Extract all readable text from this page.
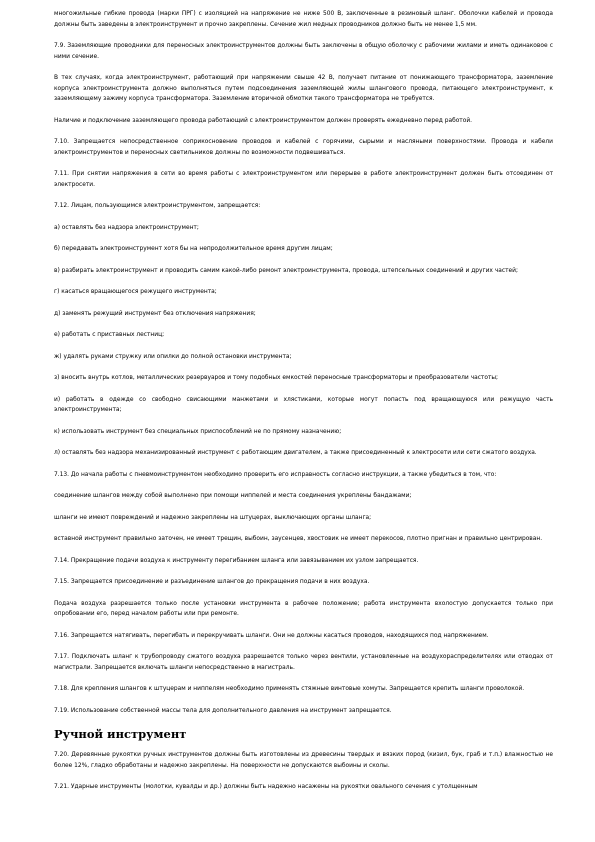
многожильные гибкие провода (марки ПРГ) с изоляцией на напряжение не ниже 500 В, заключенные в резиновый шланг. Оболочки кабелей и провода должны быть заведены в электроинструмент и прочно закреплены. Сечение жил медных проводников должно быть не менее 1,5 мм.

7.9. Заземляющие проводники для переносных электроинструментов должны быть заключены в общую оболочку с рабочими жилами и иметь одинаковое с ними сечение.

В тех случаях, когда электроинструмент, работающий при напряжении свыше 42 В, получает питание от понижающего трансформатора, заземление корпуса электроинструмента должно выполняться путем подсоединения заземляющей жилы шлангового провода, питающего электроинструмент, к заземляющему зажиму корпуса трансформатора. Заземление вторичной обмотки такого трансформатора не требуется.

Наличие и подключение заземляющего провода работающий с электроинструментом должен проверять ежедневно перед работой.

7.10. Запрещается непосредственное соприкосновение проводов и кабелей с горячими, сырыми и масляными поверхностями. Провода и кабели электроинструментов и переносных светильников должны по возможности подвешиваться.

7.11. При снятии напряжения в сети во время работы с электроинструментом или перерыве в работе электроинструмент должен быть отсоединен от электросети.

7.12. Лицам, пользующимся электроинструментом, запрещается:

а) оставлять без надзора электроинструмент;

б) передавать электроинструмент хотя бы на непродолжительное время другим лицам;

в) разбирать электроинструмент и проводить самим какой-либо ремонт электроинструмента, провода, штепсельных соединений и других частей;

г) касаться вращающегося режущего инструмента;

д) заменять режущий инструмент без отключения напряжения;

е) работать с приставных лестниц;

ж) удалять руками стружку или опилки до полной остановки инструмента;

з) вносить внутрь котлов, металлических резервуаров и тому подобных емкостей переносные трансформаторы и преобразователи частоты;

и) работать в одежде со свободно свисающими манжетами и хлястиками, которые могут попасть под вращающуюся или режущую часть электроинструмента;

к) использовать инструмент без специальных приспособлений не по прямому назначению;

л) оставлять без надзора механизированный инструмент с работающим двигателем, а также присоединенный к электросети или сети сжатого воздуха.

7.13. До начала работы с пневмоинструментом необходимо проверить его исправность согласно инструкции, а также убедиться в том, что:

соединение шлангов между собой выполнено при помощи ниппелей и места соединения укреплены бандажами;

шланги не имеют повреждений и надежно закреплены на штуцерах, выключающих органы шланга;

вставной инструмент правильно заточен, не имеет трещин, выбоин, заусенцев, хвостовик не имеет перекосов, плотно пригнан и правильно центрирован.

7.14. Прекращение подачи воздуха к инструменту перегибанием шланга или завязыванием их узлом запрещается.

7.15. Запрещается присоединение и разъединение шлангов до прекращения подачи в них воздуха.

Подача воздуха разрешается только после установки инструмента в рабочее положение; работа инструмента вхолостую допускается только при опробовании его, перед началом работы или при ремонте.

7.16. Запрещается натягивать, перегибать и перекручивать шланги. Они не должны касаться проводов, находящихся под напряжением.

7.17. Подключать шланг к трубопроводу сжатого воздуха разрешается только через вентили, установленные на воздухораспределителях или отводах от магистрали. Запрещается включать шланги непосредственно в магистраль.

7.18. Для крепления шлангов к штуцерам и ниппелям необходимо применять стяжные винтовые хомуты. Запрещается крепить шланги проволокой.

7.19. Использование собственной массы тела для дополнительного давления на инструмент запрещается.

Ручной инструмент

7.20. Деревянные рукоятки ручных инструментов должны быть изготовлены из древесины твердых и вязких пород (кизил, бук, граб и т.п.) влажностью не более 12%, гладко обработаны и надежно закреплены. На поверхности не допускаются выбоины и сколы.

7.21. Ударные инструменты (молотки, кувалды и др.) должны быть надежно насажены на рукоятки овального сечения с утолщенным
